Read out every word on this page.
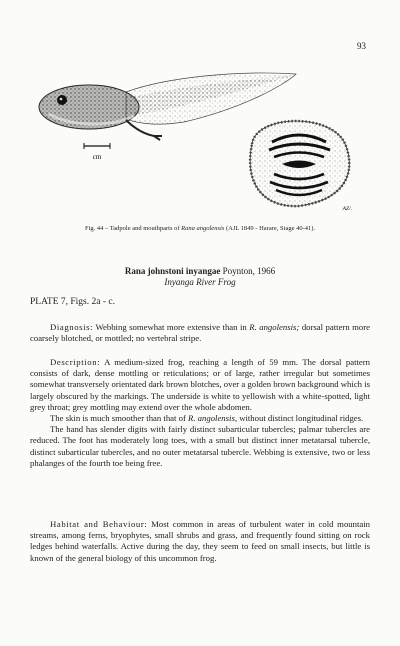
93
cm
AZ/.
Fig. 44 – Tadpole and mouthparts of Rana angolensis (AJL 1849 - Harare, Stage 40-41).
Rana johnstoni inyangae Poynton, 1966
Inyanga River Frog
PLATE 7, Figs. 2a - c.

Diagnosis: Webbing somewhat more extensive than in R. angolensis; dorsal pattern more coarsely blotched, or mottled; no vertebral stripe.

Description: A medium-sized frog, reaching a length of 59 mm. The dorsal pattern consists of dark, dense mottling or reticulations; or of large, rather irregular but sometimes somewhat transversely orientated dark brown blotches, over a golden brown background which is largely obscured by the markings. The underside is white to yellowish with a white-spotted, light grey throat; grey mottling may extend over the whole abdomen.

The skin is much smoother than that of R. angolensis, without distinct longitudinal ridges.

The hand has slender digits with fairly distinct subarticular tubercles; palmar tubercles are reduced. The foot has moderately long toes, with a small but distinct inner metatarsal tubercle, distinct subarticular tubercles, and no outer metatarsal tubercle. Webbing is extensive, two or less phalanges of the fourth toe being free.

Habitat and Behaviour: Most common in areas of turbulent water in cold mountain streams, among ferns, bryophytes, small shrubs and grass, and frequently found sitting on rock ledges behind waterfalls. Active during the day, they seem to feed on small insects, but little is known of the general biology of this uncommon frog.
